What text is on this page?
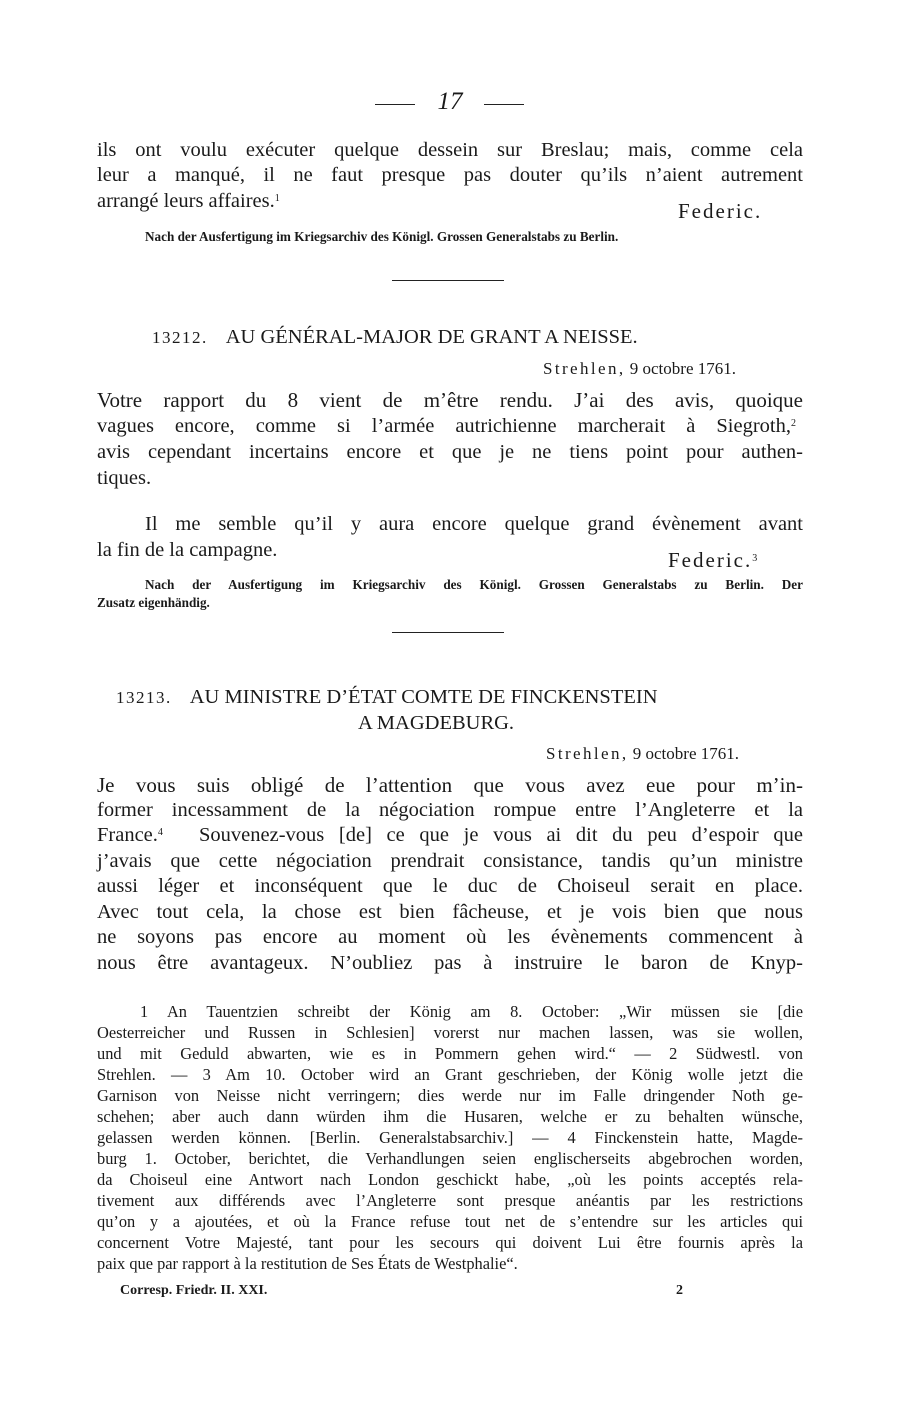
17
ils ont voulu exécuter quelque dessein sur Breslau; mais, comme cela
leur a manqué, il ne faut presque pas douter qu’ils n’aient autrement
arrangé leurs affaires.$^1$
Federic.
Nach der Ausfertigung im Kriegsarchiv des Königl. Grossen Generalstabs zu Berlin.
13212. AU GÉNÉRAL-MAJOR DE GRANT A NEISSE.
Strehlen, 9 octobre 1761.
Votre rapport du 8 vient de m’être rendu. J’ai des avis, quoique
vagues encore, comme si l’armée autrichienne marcherait à Siegroth,$^2$
avis cependant incertains encore et que je ne tiens point pour authen-
tiques.
Il me semble qu’il y aura encore quelque grand évènement avant
la fin de la campagne.	Federic.$^3$
Nach der Ausfertigung im Kriegsarchiv des Königl. Grossen Generalstabs zu Berlin. Der
Zusatz eigenhändig.
13213. AU MINISTRE D’ÉTAT COMTE DE FINCKENSTEIN
A MAGDEBURG.
Strehlen, 9 octobre 1761.
Je vous suis obligé de l’attention que vous avez eue pour m’in-
former incessamment de la négociation rompue entre l’Angleterre et la
France.$^4$ Souvenez-vous [de] ce que je vous ai dit du peu d’espoir que
j’avais que cette négociation prendrait consistance, tandis qu’un ministre
aussi léger et inconséquent que le duc de Choiseul serait en place.
Avec tout cela, la chose est bien fâcheuse, et je vois bien que nous
ne soyons pas encore au moment où les évènements commencent à
nous être avantageux. N’oubliez pas à instruire le baron de Knyp-
1 An Tauentzien schreibt der König am 8. October: „Wir müssen sie [die
Oesterreicher und Russen in Schlesien] vorerst nur machen lassen, was sie wollen,
und mit Geduld abwarten, wie es in Pommern gehen wird.“ — 2 Südwestl. von
Strehlen. — 3 Am 10. October wird an Grant geschrieben, der König wolle jetzt die
Garnison von Neisse nicht verringern; dies werde nur im Falle dringender Noth ge-
schehen; aber auch dann würden ihm die Husaren, welche er zu behalten wünsche,
gelassen werden können. [Berlin. Generalstabsarchiv.] — 4 Finckenstein hatte, Magde-
burg 1. October, berichtet, die Verhandlungen seien englischerseits abgebrochen worden,
da Choiseul eine Antwort nach London geschickt habe, „où les points acceptés rela-
tivement aux différends avec l’Angleterre sont presque anéantis par les restrictions
qu’on y a ajoutées, et où la France refuse tout net de s’entendre sur les articles qui
concernent Votre Majesté, tant pour les secours qui doivent Lui être fournis après la
paix que par rapport à la restitution de Ses États de Westphalie“.
Corresp. Friedr. II. XXI.	2
